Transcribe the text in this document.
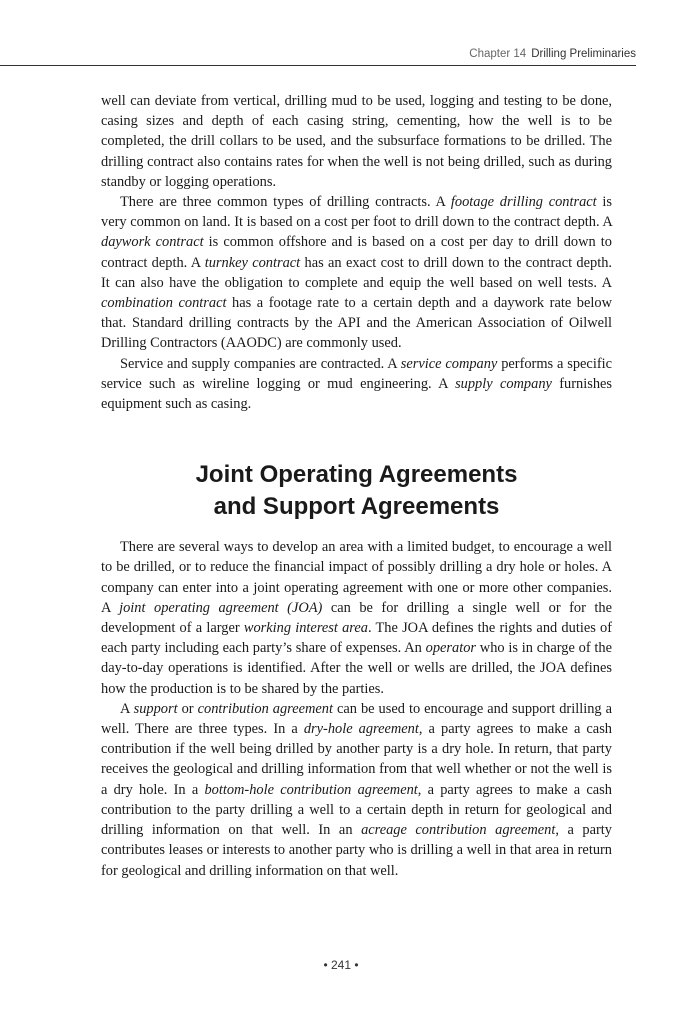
Chapter 14 Drilling Preliminaries

well can deviate from vertical, drilling mud to be used, logging and testing to be done, casing sizes and depth of each casing string, cementing, how the well is to be completed, the drill collars to be used, and the subsurface formations to be drilled. The drilling contract also contains rates for when the well is not being drilled, such as during standby or logging operations.

There are three common types of drilling contracts. A footage drilling contract is very common on land. It is based on a cost per foot to drill down to the contract depth. A daywork contract is common offshore and is based on a cost per day to drill down to contract depth. A turnkey contract has an exact cost to drill down to the contract depth. It can also have the obligation to complete and equip the well based on well tests. A combination contract has a footage rate to a certain depth and a daywork rate below that. Standard drilling contracts by the API and the American Association of Oilwell Drilling Contractors (AAODC) are commonly used.

Service and supply companies are contracted. A service company performs a specific service such as wireline logging or mud engineering. A supply company furnishes equipment such as casing.

Joint Operating Agreements
and Support Agreements

There are several ways to develop an area with a limited budget, to encourage a well to be drilled, or to reduce the financial impact of possibly drilling a dry hole or holes. A company can enter into a joint operating agreement with one or more other companies. A joint operating agreement (JOA) can be for drilling a single well or for the development of a larger working interest area. The JOA defines the rights and duties of each party including each party’s share of expenses. An operator who is in charge of the day-to-day operations is identified. After the well or wells are drilled, the JOA defines how the production is to be shared by the parties.

A support or contribution agreement can be used to encourage and support drilling a well. There are three types. In a dry-hole agreement, a party agrees to make a cash contribution if the well being drilled by another party is a dry hole. In return, that party receives the geological and drilling information from that well whether or not the well is a dry hole. In a bottom-hole contribution agreement, a party agrees to make a cash contribution to the party drilling a well to a certain depth in return for geological and drilling information on that well. In an acreage contribution agreement, a party contributes leases or interests to another party who is drilling a well in that area in return for geological and drilling information on that well.

• 241 •
